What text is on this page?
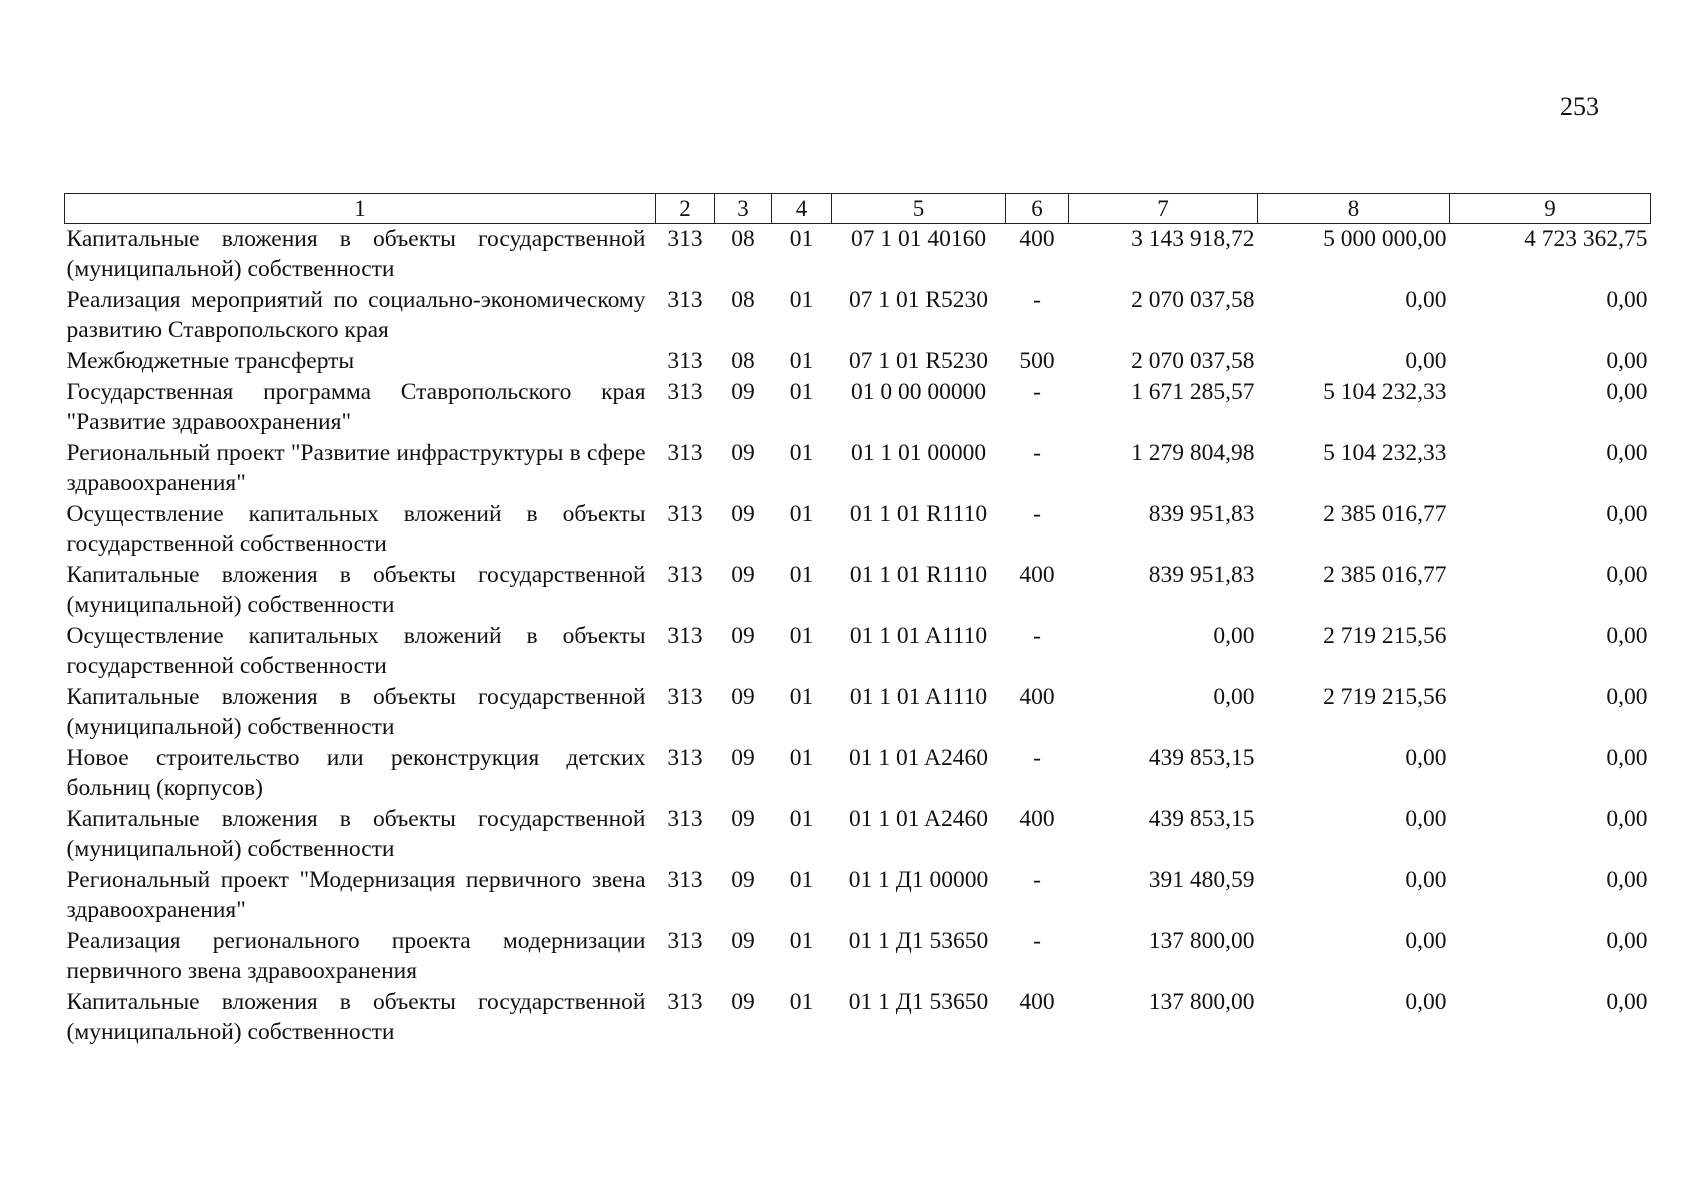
253
1	2	3	4	5	6	7	8	9
Капитальные вложения в объекты государственной (муниципальной) собственности	313	08	01	07 1 01 40160	400	3 143 918,72	5 000 000,00	4 723 362,75
Реализация мероприятий по социально-экономическому развитию Ставропольского края	313	08	01	07 1 01 R5230	-	2 070 037,58	0,00	0,00
Межбюджетные трансферты	313	08	01	07 1 01 R5230	500	2 070 037,58	0,00	0,00
Государственная программа Ставропольского края "Развитие здравоохранения"	313	09	01	01 0 00 00000	-	1 671 285,57	5 104 232,33	0,00
Региональный проект "Развитие инфраструктуры в сфере здравоохранения"	313	09	01	01 1 01 00000	-	1 279 804,98	5 104 232,33	0,00
Осуществление капитальных вложений в объекты государственной собственности	313	09	01	01 1 01 R1110	-	839 951,83	2 385 016,77	0,00
Капитальные вложения в объекты государственной (муниципальной) собственности	313	09	01	01 1 01 R1110	400	839 951,83	2 385 016,77	0,00
Осуществление капитальных вложений в объекты государственной собственности	313	09	01	01 1 01 A1110	-	0,00	2 719 215,56	0,00
Капитальные вложения в объекты государственной (муниципальной) собственности	313	09	01	01 1 01 A1110	400	0,00	2 719 215,56	0,00
Новое строительство или реконструкция детских больниц (корпусов)	313	09	01	01 1 01 A2460	-	439 853,15	0,00	0,00
Капитальные вложения в объекты государственной (муниципальной) собственности	313	09	01	01 1 01 A2460	400	439 853,15	0,00	0,00
Региональный проект "Модернизация первичного звена здравоохранения"	313	09	01	01 1 Д1 00000	-	391 480,59	0,00	0,00
Реализация регионального проекта модернизации первичного звена здравоохранения	313	09	01	01 1 Д1 53650	-	137 800,00	0,00	0,00
Капитальные вложения в объекты государственной (муниципальной) собственности	313	09	01	01 1 Д1 53650	400	137 800,00	0,00	0,00
